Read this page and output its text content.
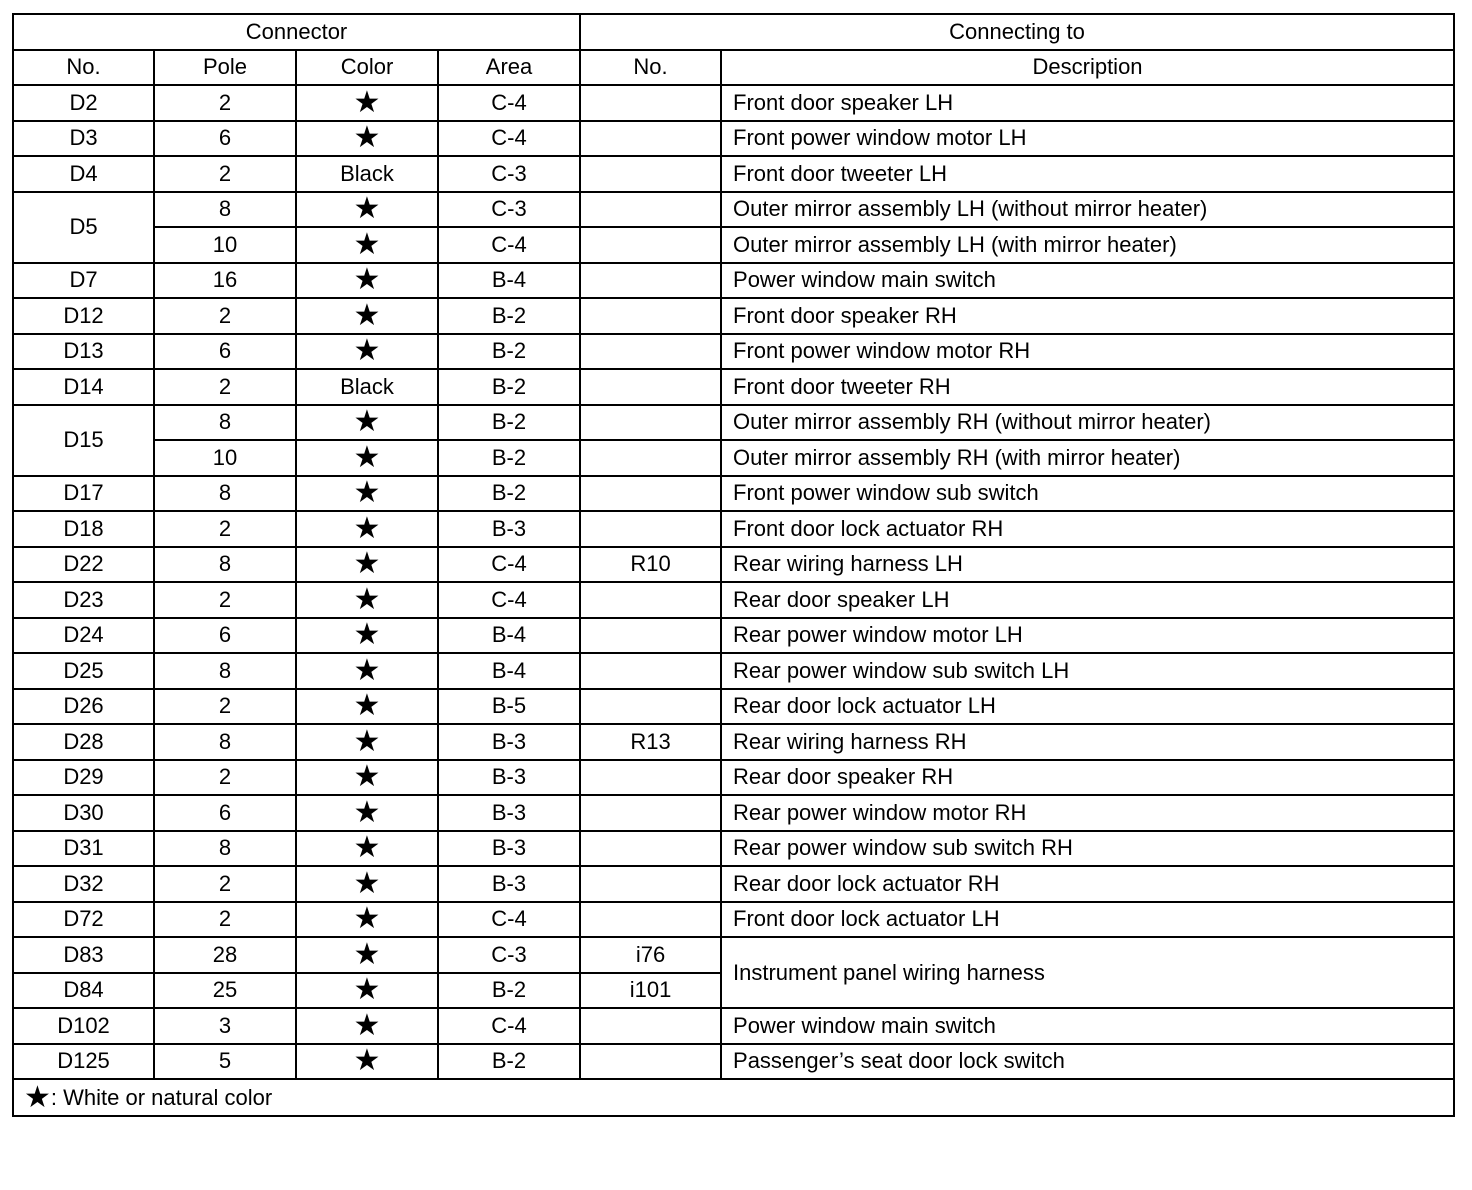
Connector				Connecting to	
No.	Pole	Color	Area	No.	Description
D2	2	★	C-4		Front door speaker LH
D3	6	★	C-4		Front power window motor LH
D4	2	Black	C-3		Front door tweeter LH
D5	8	★	C-3		Outer mirror assembly LH (without mirror heater)
	10	★	C-4		Outer mirror assembly LH (with mirror heater)
D7	16	★	B-4		Power window main switch
D12	2	★	B-2		Front door speaker RH
D13	6	★	B-2		Front power window motor RH
D14	2	Black	B-2		Front door tweeter RH
D15	8	★	B-2		Outer mirror assembly RH (without mirror heater)
	10	★	B-2		Outer mirror assembly RH (with mirror heater)
D17	8	★	B-2		Front power window sub switch
D18	2	★	B-3		Front door lock actuator RH
D22	8	★	C-4	R10	Rear wiring harness LH
D23	2	★	C-4		Rear door speaker LH
D24	6	★	B-4		Rear power window motor LH
D25	8	★	B-4		Rear power window sub switch LH
D26	2	★	B-5		Rear door lock actuator LH
D28	8	★	B-3	R13	Rear wiring harness RH
D29	2	★	B-3		Rear door speaker RH
D30	6	★	B-3		Rear power window motor RH
D31	8	★	B-3		Rear power window sub switch RH
D32	2	★	B-3		Rear door lock actuator RH
D72	2	★	C-4		Front door lock actuator LH
D83	28	★	C-3	i76	Instrument panel wiring harness
D84	25	★	B-2	i101	
D102	3	★	C-4		Power window main switch
D125	5	★	B-2		Passenger’s seat door lock switch
★: White or natural color					
